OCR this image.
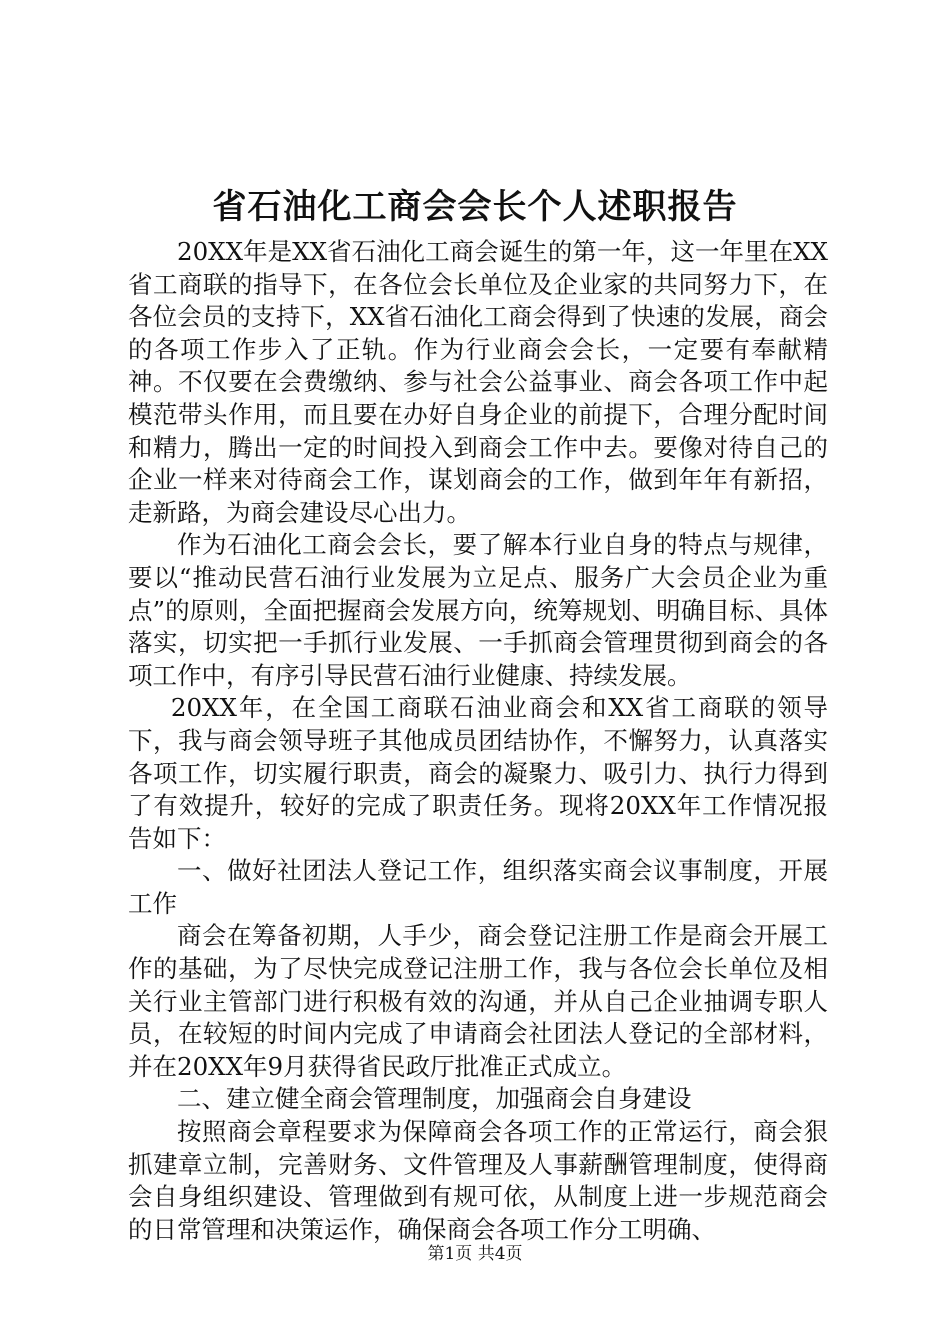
省石油化工商会会长个人述职报告

20XX年是XX省石油化工商会诞生的第一年，这一年里在XX省工商联的指导下，在各位会长单位及企业家的共同努力下，在各位会员的支持下，XX省石油化工商会得到了快速的发展，商会的各项工作步入了正轨。作为行业商会会长，一定要有奉献精神。不仅要在会费缴纳、参与社会公益事业、商会各项工作中起模范带头作用，而且要在办好自身企业的前提下，合理分配时间和精力，腾出一定的时间投入到商会工作中去。要像对待自己的企业一样来对待商会工作，谋划商会的工作，做到年年有新招，走新路，为商会建设尽心出力。

作为石油化工商会会长，要了解本行业自身的特点与规律，要以“推动民营石油行业发展为立足点、服务广大会员企业为重点”的原则，全面把握商会发展方向，统筹规划、明确目标、具体落实，切实把一手抓行业发展、一手抓商会管理贯彻到商会的各项工作中，有序引导民营石油行业健康、持续发展。

20XX年，在全国工商联石油业商会和XX省工商联的领导下，我与商会领导班子其他成员团结协作，不懈努力，认真落实各项工作，切实履行职责，商会的凝聚力、吸引力、执行力得到了有效提升，较好的完成了职责任务。现将20XX年工作情况报告如下：

一、做好社团法人登记工作，组织落实商会议事制度，开展工作

商会在筹备初期，人手少，商会登记注册工作是商会开展工作的基础，为了尽快完成登记注册工作，我与各位会长单位及相关行业主管部门进行积极有效的沟通，并从自己企业抽调专职人员，在较短的时间内完成了申请商会社团法人登记的全部材料，并在20XX年9月获得省民政厅批准正式成立。

二、建立健全商会管理制度，加强商会自身建设

按照商会章程要求为保障商会各项工作的正常运行，商会狠抓建章立制，完善财务、文件管理及人事薪酬管理制度，使得商会自身组织建设、管理做到有规可依，从制度上进一步规范商会的日常管理和决策运作，确保商会各项工作分工明确、

第1页 共4页
